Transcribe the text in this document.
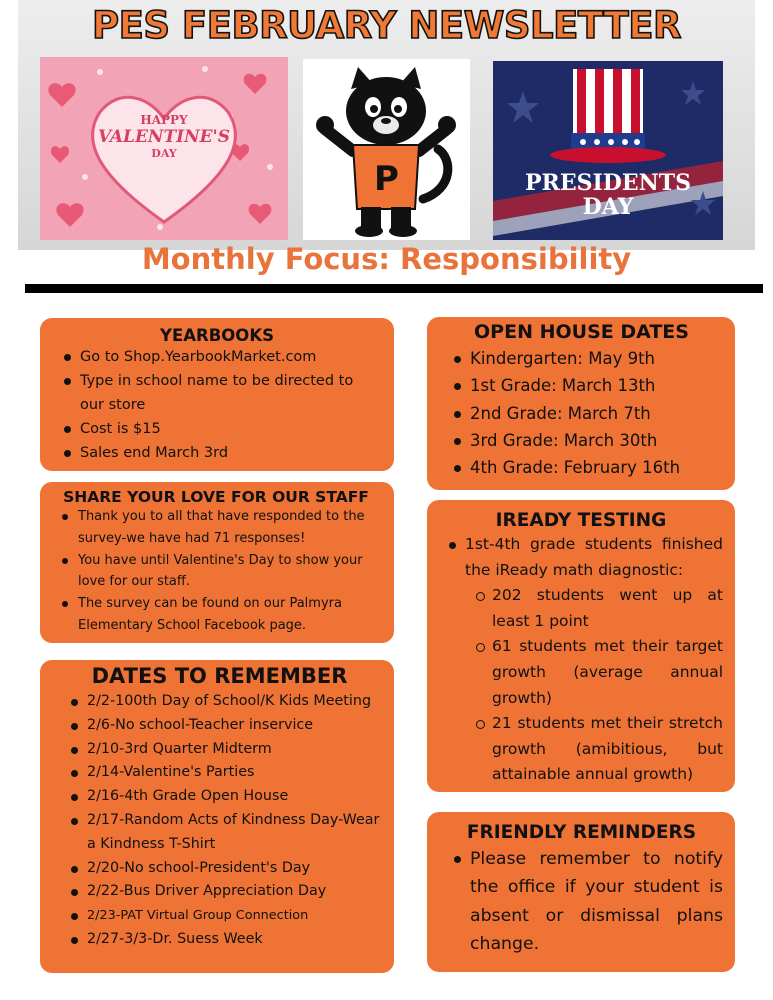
PES FEBRUARY NEWSLETTER
HAPPY
VALENTINE'S
DAY
P	PRESIDENTS
DAY
Monthly Focus: Responsibility
YEARBOOKS
Go to Shop.YearbookMarket.com
Type in school name to be directed to our store
Cost is $15
Sales end March 3rd
SHARE YOUR LOVE FOR OUR STAFF
Thank you to all that have responded to the survey-we have had 71 responses!
You have until Valentine's Day to show your love for our staff.
The survey can be found on our Palmyra Elementary School Facebook page.
DATES TO REMEMBER
2/2-100th Day of School/K Kids Meeting
2/6-No school-Teacher inservice
2/10-3rd Quarter Midterm
2/14-Valentine's Parties
2/16-4th Grade Open House
2/17-Random Acts of Kindness Day-Wear a Kindness T-Shirt
2/20-No school-President's Day
2/22-Bus Driver Appreciation Day
2/23-PAT Virtual Group Connection
2/27-3/3-Dr. Suess Week
OPEN HOUSE DATES
Kindergarten: May 9th
1st Grade: March 13th
2nd Grade: March 7th
3rd Grade: March 30th
4th Grade: February 16th
IREADY TESTING
1st-4th grade students finished the iReady math diagnostic:
202 students went up at least 1 point
61 students met their target growth (average annual growth)
21 students met their stretch growth (amibitious, but attainable annual growth)
FRIENDLY REMINDERS
Please remember to notify the office if your student is absent or dismissal plans change.
